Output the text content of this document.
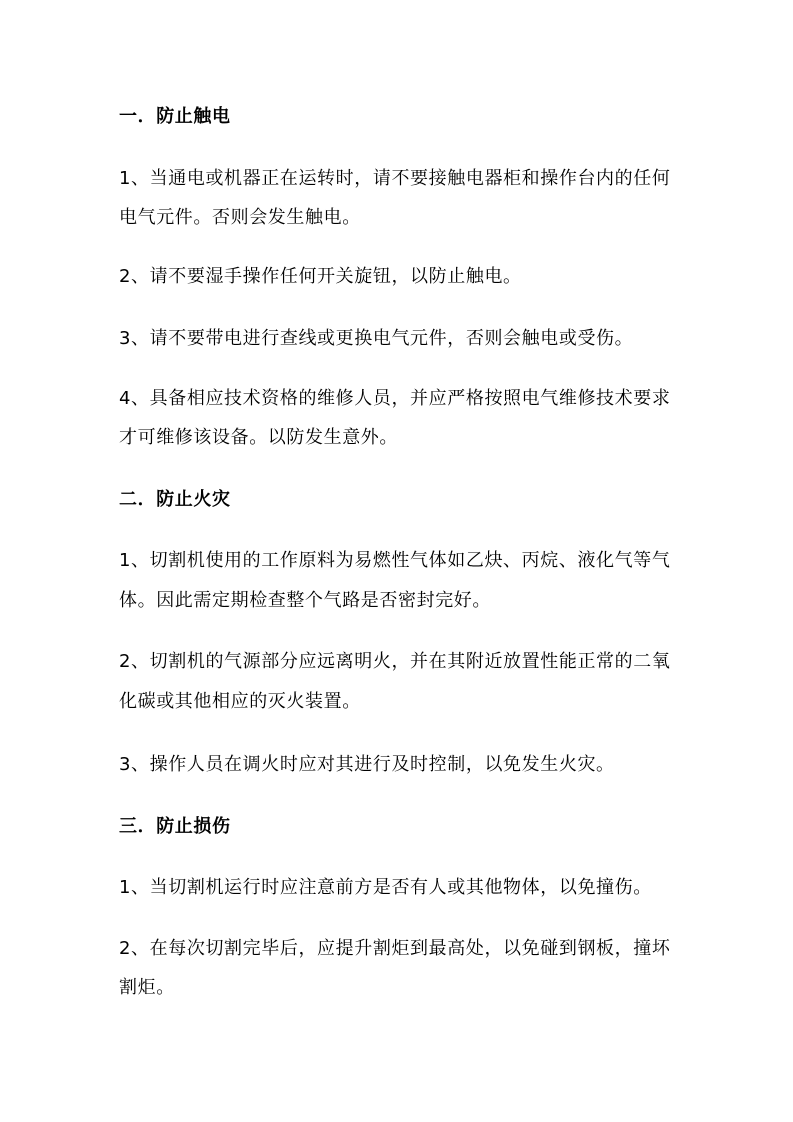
一．防止触电
1、当通电或机器正在运转时，请不要接触电器柜和操作台内的任何
电气元件。否则会发生触电。
2、请不要湿手操作任何开关旋钮，以防止触电。
3、请不要带电进行查线或更换电气元件，否则会触电或受伤。
4、具备相应技术资格的维修人员，并应严格按照电气维修技术要求
才可维修该设备。以防发生意外。
二．防止火灾
1、切割机使用的工作原料为易燃性气体如乙炔、丙烷、液化气等气
体。因此需定期检查整个气路是否密封完好。
2、切割机的气源部分应远离明火，并在其附近放置性能正常的二氧
化碳或其他相应的灭火装置。
3、操作人员在调火时应对其进行及时控制，以免发生火灾。
三．防止损伤
1、当切割机运行时应注意前方是否有人或其他物体，以免撞伤。
2、在每次切割完毕后，应提升割炬到最高处，以免碰到钢板，撞坏
割炬。
